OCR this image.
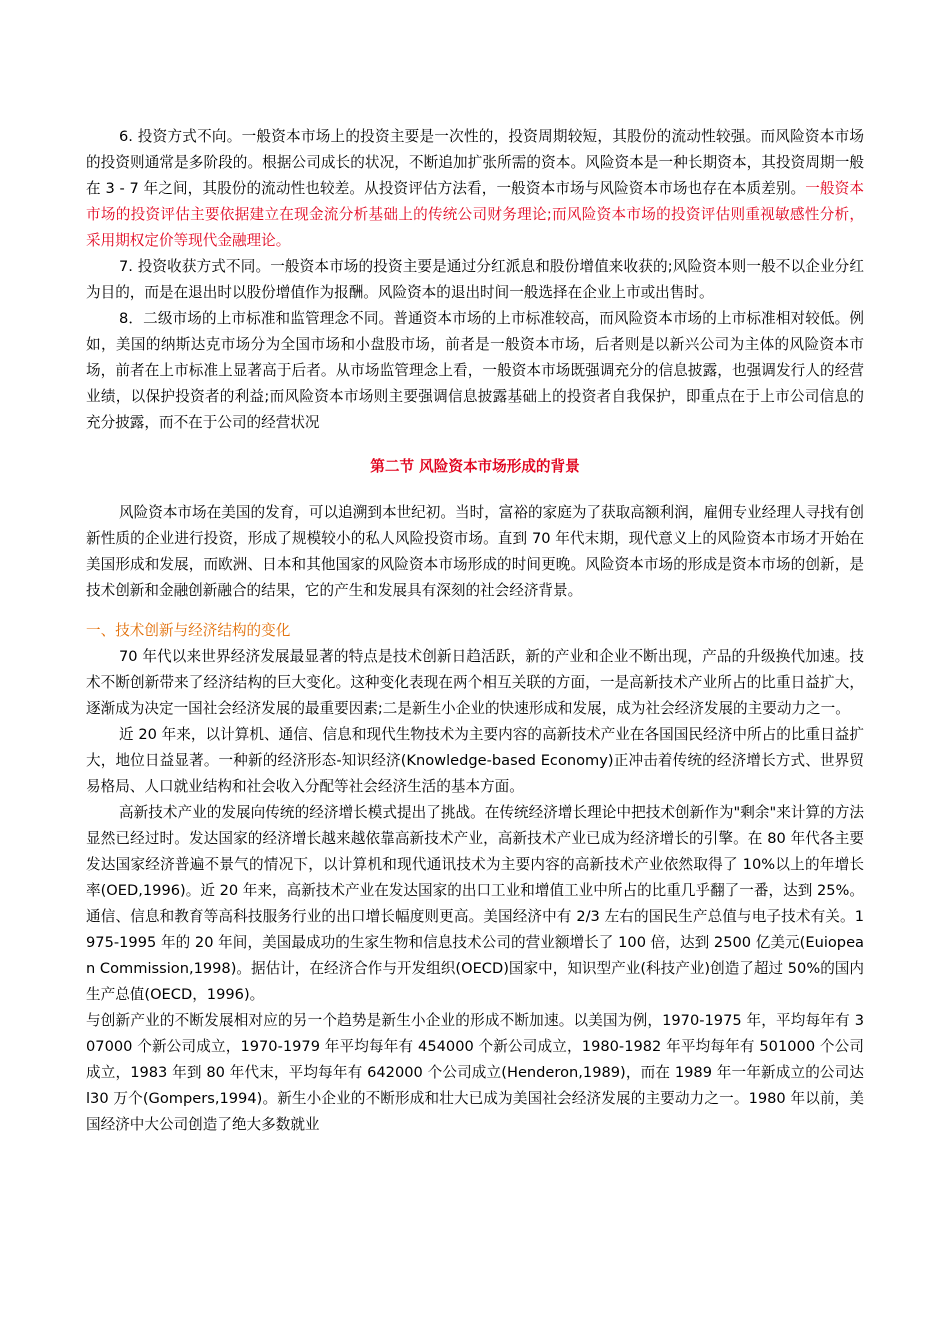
6. 投资方式不向。一般资本市场上的投资主要是一次性的，投资周期较短，其股份的流动性较强。而风险资本市场的投资则通常是多阶段的。根据公司成长的状况，不断追加扩张所需的资本。风险资本是一种长期资本，其投资周期一般在 3 - 7 年之间，其股份的流动性也较差。从投资评估方法看，一般资本市场与风险资本市场也存在本质差别。一般资本市场的投资评估主要依据建立在现金流分析基础上的传统公司财务理论;而风险资本市场的投资评估则重视敏感性分析，采用期权定价等现代金融理论。

7. 投资收获方式不同。一般资本市场的投资主要是通过分红派息和股份增值来收获的;风险资本则一般不以企业分红为目的，而是在退出时以股份增值作为报酬。风险资本的退出时间一般选择在企业上市或出售时。

8．二级市场的上市标准和监管理念不同。普通资本市场的上市标准较高，而风险资本市场的上市标准相对较低。例如，美国的纳斯达克市场分为全国市场和小盘股市场，前者是一般资本市场，后者则是以新兴公司为主体的风险资本市场，前者在上市标准上显著高于后者。从市场监管理念上看，一般资本市场既强调充分的信息披露，也强调发行人的经营业绩，以保护投资者的利益;而风险资本市场则主要强调信息披露基础上的投资者自我保护，即重点在于上市公司信息的充分披露，而不在于公司的经营状况

第二节 风险资本市场形成的背景

风险资本市场在美国的发育，可以追溯到本世纪初。当时，富裕的家庭为了获取高额利润，雇佣专业经理人寻找有创新性质的企业进行投资，形成了规模较小的私人风险投资市场。直到 70 年代末期，现代意义上的风险资本市场才开始在美国形成和发展，而欧洲、日本和其他国家的风险资本市场形成的时间更晚。风险资本市场的形成是资本市场的创新，是技术创新和金融创新融合的结果，它的产生和发展具有深刻的社会经济背景。

一、技术创新与经济结构的变化

70 年代以来世界经济发展最显著的特点是技术创新日趋活跃，新的产业和企业不断出现，产品的升级换代加速。技术不断创新带来了经济结构的巨大变化。这种变化表现在两个相互关联的方面，一是高新技术产业所占的比重日益扩大，逐渐成为决定一国社会经济发展的最重要因素;二是新生小企业的快速形成和发展，成为社会经济发展的主要动力之一。

近 20 年来，以计算机、通信、信息和现代生物技术为主要内容的高新技术产业在各国国民经济中所占的比重日益扩大，地位日益显著。一种新的经济形态-知识经济(Knowledge-based Economy)正冲击着传统的经济增长方式、世界贸易格局、人口就业结构和社会收入分配等社会经济生活的基本方面。

高新技术产业的发展向传统的经济增长模式提出了挑战。在传统经济增长理论中把技术创新作为"剩余"来计算的方法显然已经过时。发达国家的经济增长越来越依靠高新技术产业，高新技术产业已成为经济增长的引擎。在 80 年代各主要发达国家经济普遍不景气的情况下，以计算机和现代通讯技术为主要内容的高新技术产业依然取得了 10%以上的年增长率(OED,1996)。近 20 年来，高新技术产业在发达国家的出口工业和增值工业中所占的比重几乎翻了一番，达到 25%。通信、信息和教育等高科技服务行业的出口增长幅度则更高。美国经济中有 2/3 左右的国民生产总值与电子技术有关。1975-1995 年的 20 年间，美国最成功的生家生物和信息技术公司的营业额增长了 100 倍，达到 2500 亿美元(Euiopean Commission,1998)。据估计，在经济合作与开发组织(OECD)国家中，知识型产业(科技产业)创造了超过 50%的国内生产总值(OECD，1996)。

与创新产业的不断发展相对应的另一个趋势是新生小企业的形成不断加速。以美国为例，1970-1975 年，平均每年有 307000 个新公司成立，1970-1979 年平均每年有 454000 个新公司成立，1980-1982 年平均每年有 501000 个公司成立，1983 年到 80 年代末，平均每年有 642000 个公司成立(Henderon,1989)，而在 1989 年一年新成立的公司达 l30 万个(Gompers,1994)。新生小企业的不断形成和壮大已成为美国社会经济发展的主要动力之一。1980 年以前，美国经济中大公司创造了绝大多数就业
